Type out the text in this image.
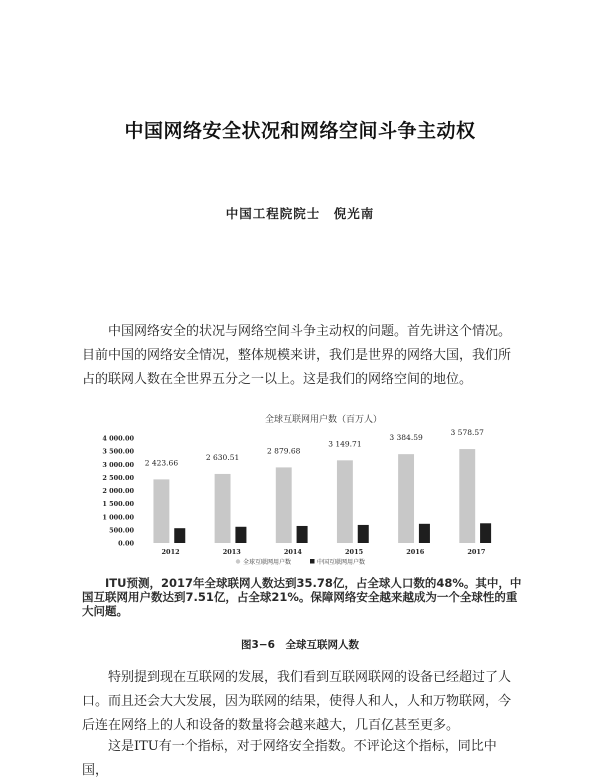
中国网络安全状况和网络空间斗争主动权
中国工程院院士　倪光南

中国网络安全的状况与网络空间斗争主动权的问题。首先讲这个情况。目前中国的网络安全情况，整体规模来讲，我们是世界的网络大国，我们所占的联网人数在全世界五分之一以上。这是我们的网络空间的地位。

全球互联网用户数（百万人）
0.00
500.00
1 000.00
1 500.00
2 000.00
2 500.00
3 000.00
3 500.00
4 000.00
2 423.66
2012
2 630.51
2013
2 879.68
2014
3 149.71
2015
3 384.59
2016
3 578.57
2017
全球互联网用户数	中国互联网用户数
ITU预测，2017年全球联网人数达到35.78亿，占全球人口数的48%。其中，中国互联网用户数达到7.51亿，占全球21%。保障网络安全越来越成为一个全球性的重大问题。
图3−6　全球互联网人数

特别提到现在互联网的发展，我们看到互联网联网的设备已经超过了人口。而且还会大大发展，因为联网的结果，使得人和人，人和万物联网，今后连在网络上的人和设备的数量将会越来越大，几百亿甚至更多。

这是ITU有一个指标，对于网络安全指数。不评论这个指标，同比中国，
